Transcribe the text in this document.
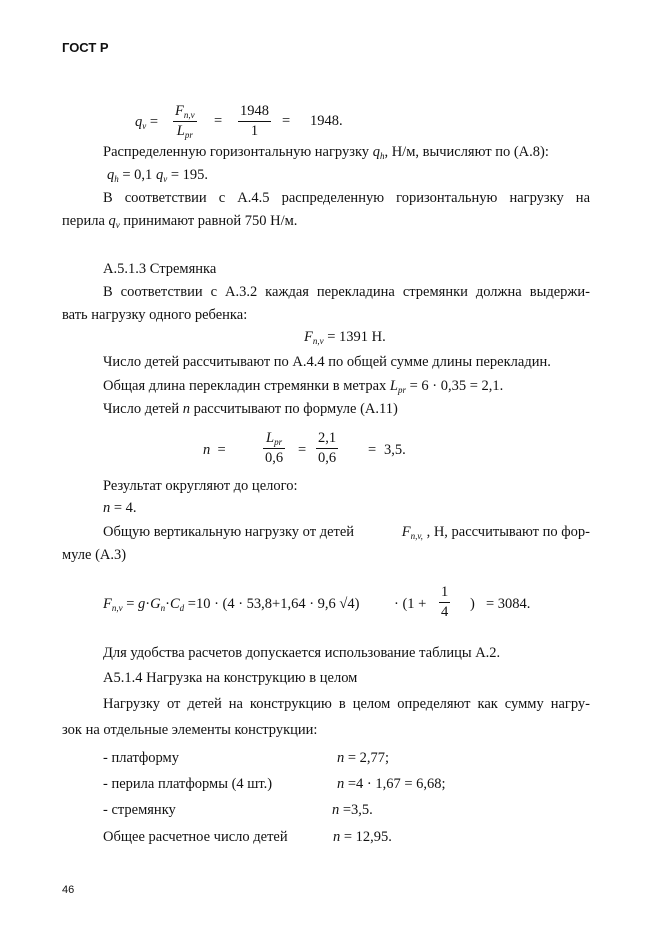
ГОСТ Р
$q_v$ =
$F_{n,v}$
$L_{pr}$
=
1948
1
= 1948.
Распределенную горизонтальную нагрузку $q_h$, Н/м, вычисляют по (А.8):
$q_h = 0,1$ $q_v = 195$.
В соответствии с А.4.5 распределенную горизонтальную нагрузку на
перила $q_v$ принимают равной 750 Н/м.
А.5.1.3 Стремянка
В соответствии с А.3.2 каждая перекладина стремянки должна выдержи-
вать нагрузку одного ребенка:
$F_{n,v} = 1391$ Н.
Число детей рассчитывают по А.4.4 по общей сумме длины перекладин.
Общая длина перекладин стремянки в метрах $L_{pr} = 6 \cdot 0,35 = 2,1$.
Число детей n рассчитывают по формуле (А.11)
n =
$L_{pr}$
0,6 =
2,1
0,6 = 3,5.
Результат округляют до целого:
n = 4.
Общую вертикальную нагрузку от детей	$F_{n,v,}$ , Н, рассчитывают по фор-
муле (А.3)
$F_{n,v} = g\cdot G_n\cdot C_d =10 \cdot (4 \cdot 53,8+1,64 \cdot 9,6$ √4) · (1 +
1
4 ) = 3084.
Для удобства расчетов допускается использование таблицы А.2.
А5.1.4 Нагрузка на конструкцию в целом
Нагрузку от детей на конструкцию в целом определяют как сумму нагру-
зок на отдельные элементы конструкции:
- платформу	n = 2,77;
- перила платформы (4 шт.)	n =4 · 1,67 = 6,68;
- стремянку	n =3,5.
Общее расчетное число детей	n = 12,95.
46
